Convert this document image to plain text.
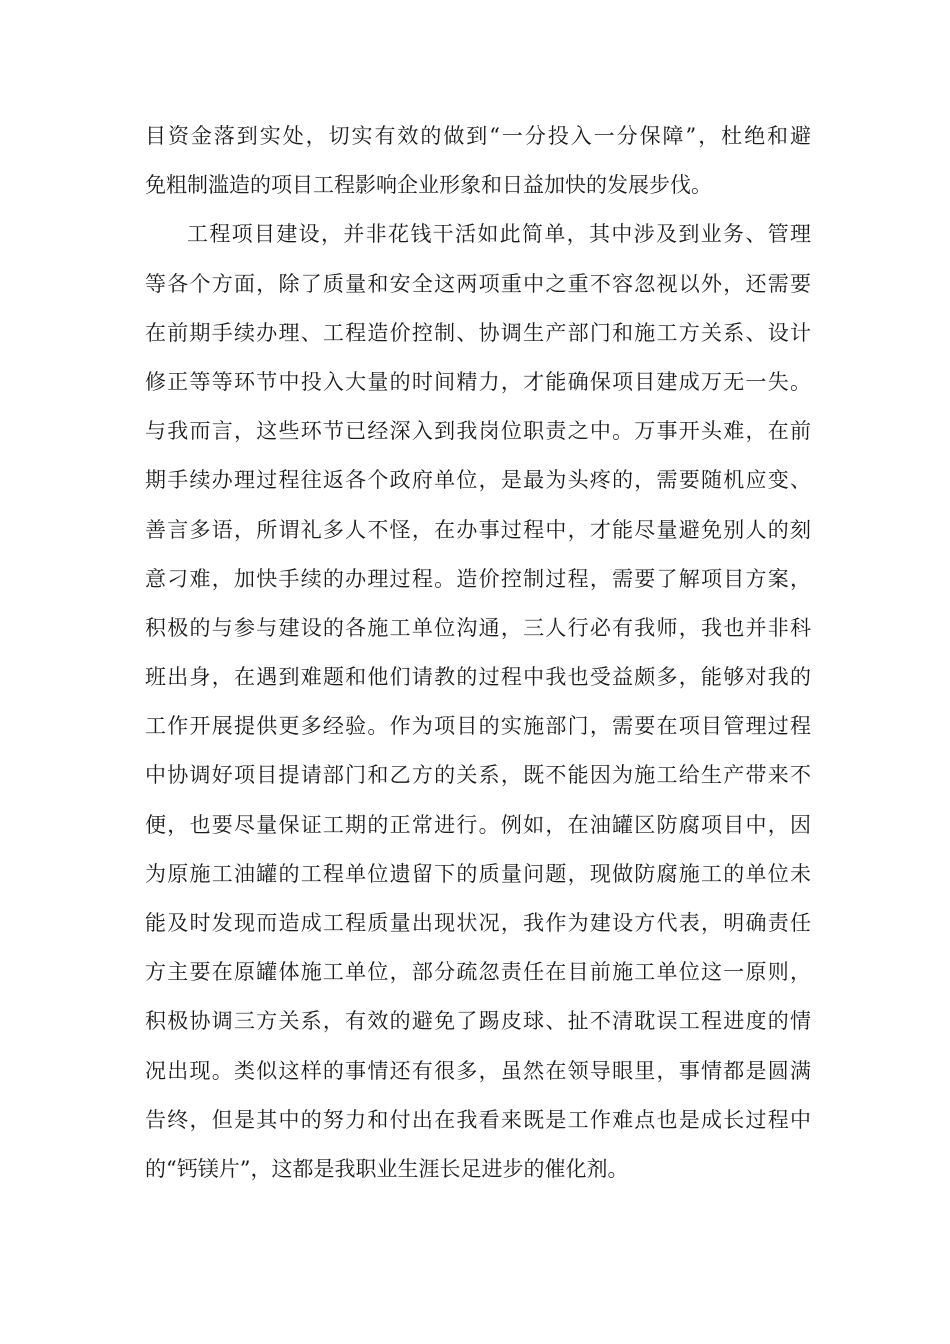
目资金落到实处，切实有效的做到“一分投入一分保障”，杜绝和避
免粗制滥造的项目工程影响企业形象和日益加快的发展步伐。
工程项目建设，并非花钱干活如此简单，其中涉及到业务、管理
等各个方面，除了质量和安全这两项重中之重不容忽视以外，还需要
在前期手续办理、工程造价控制、协调生产部门和施工方关系、设计
修正等等环节中投入大量的时间精力，才能确保项目建成万无一失。
与我而言，这些环节已经深入到我岗位职责之中。万事开头难，在前
期手续办理过程往返各个政府单位，是最为头疼的，需要随机应变、
善言多语，所谓礼多人不怪，在办事过程中，才能尽量避免别人的刻
意刁难，加快手续的办理过程。造价控制过程，需要了解项目方案，
积极的与参与建设的各施工单位沟通，三人行必有我师，我也并非科
班出身，在遇到难题和他们请教的过程中我也受益颇多，能够对我的
工作开展提供更多经验。作为项目的实施部门，需要在项目管理过程
中协调好项目提请部门和乙方的关系，既不能因为施工给生产带来不
便，也要尽量保证工期的正常进行。例如，在油罐区防腐项目中，因
为原施工油罐的工程单位遗留下的质量问题，现做防腐施工的单位未
能及时发现而造成工程质量出现状况，我作为建设方代表，明确责任
方主要在原罐体施工单位，部分疏忽责任在目前施工单位这一原则，
积极协调三方关系，有效的避免了踢皮球、扯不清耽误工程进度的情
况出现。类似这样的事情还有很多，虽然在领导眼里，事情都是圆满
告终，但是其中的努力和付出在我看来既是工作难点也是成长过程中
的“钙镁片”，这都是我职业生涯长足进步的催化剂。
